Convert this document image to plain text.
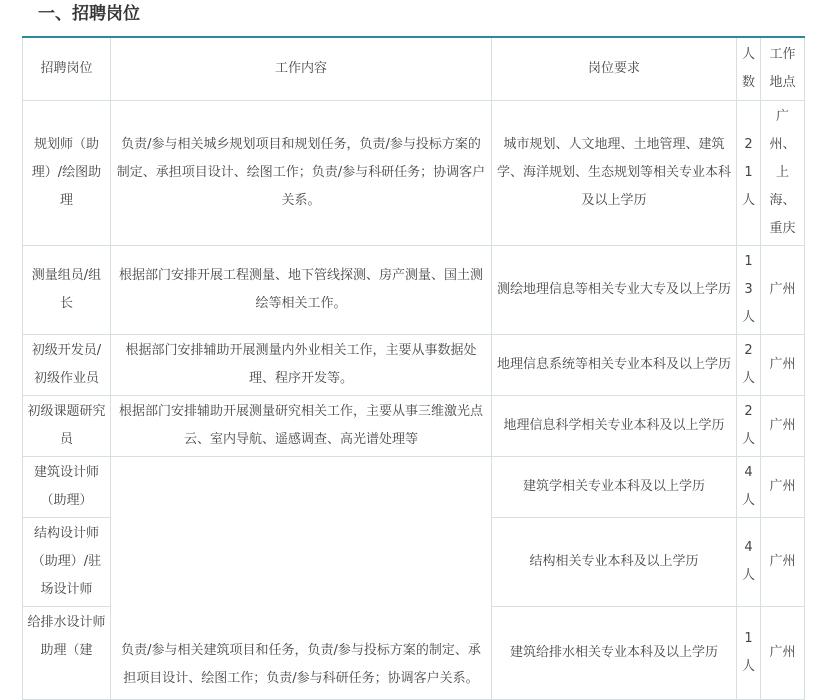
一、招聘岗位
招聘岗位	工作内容	岗位要求	人数	工作地点
规划师（助理）/绘图助理	负责/参与相关城乡规划项目和规划任务，负责/参与投标方案的制定、承担项目设计、绘图工作；负责/参与科研任务；协调客户关系。	城市规划、人文地理、土地管理、建筑学、海洋规划、生态规划等相关专业本科及以上学历	21人	广州、上海、重庆
测量组员/组长	根据部门安排开展工程测量、地下管线探测、房产测量、国土测绘等相关工作。	测绘地理信息等相关专业大专及以上学历	13人	广州
初级开发员/初级作业员	根据部门安排辅助开展测量内外业相关工作，主要从事数据处理、程序开发等。	地理信息系统等相关专业本科及以上学历	2人	广州
初级课题研究员	根据部门安排辅助开展测量研究相关工作，主要从事三维激光点云、室内导航、遥感调查、高光谱处理等	地理信息科学相关专业本科及以上学历	2人	广州
建筑设计师（助理）	负责/参与相关建筑项目和任务，负责/参与投标方案的制定、承担项目设计、绘图工作；负责/参与科研任务；协调客户关系。	建筑学相关专业本科及以上学历	4人	广州
结构设计师（助理）/驻场设计师		结构相关专业本科及以上学历	4人	广州
给排水设计师助理（建		建筑给排水相关专业本科及以上学历	1人	广州
